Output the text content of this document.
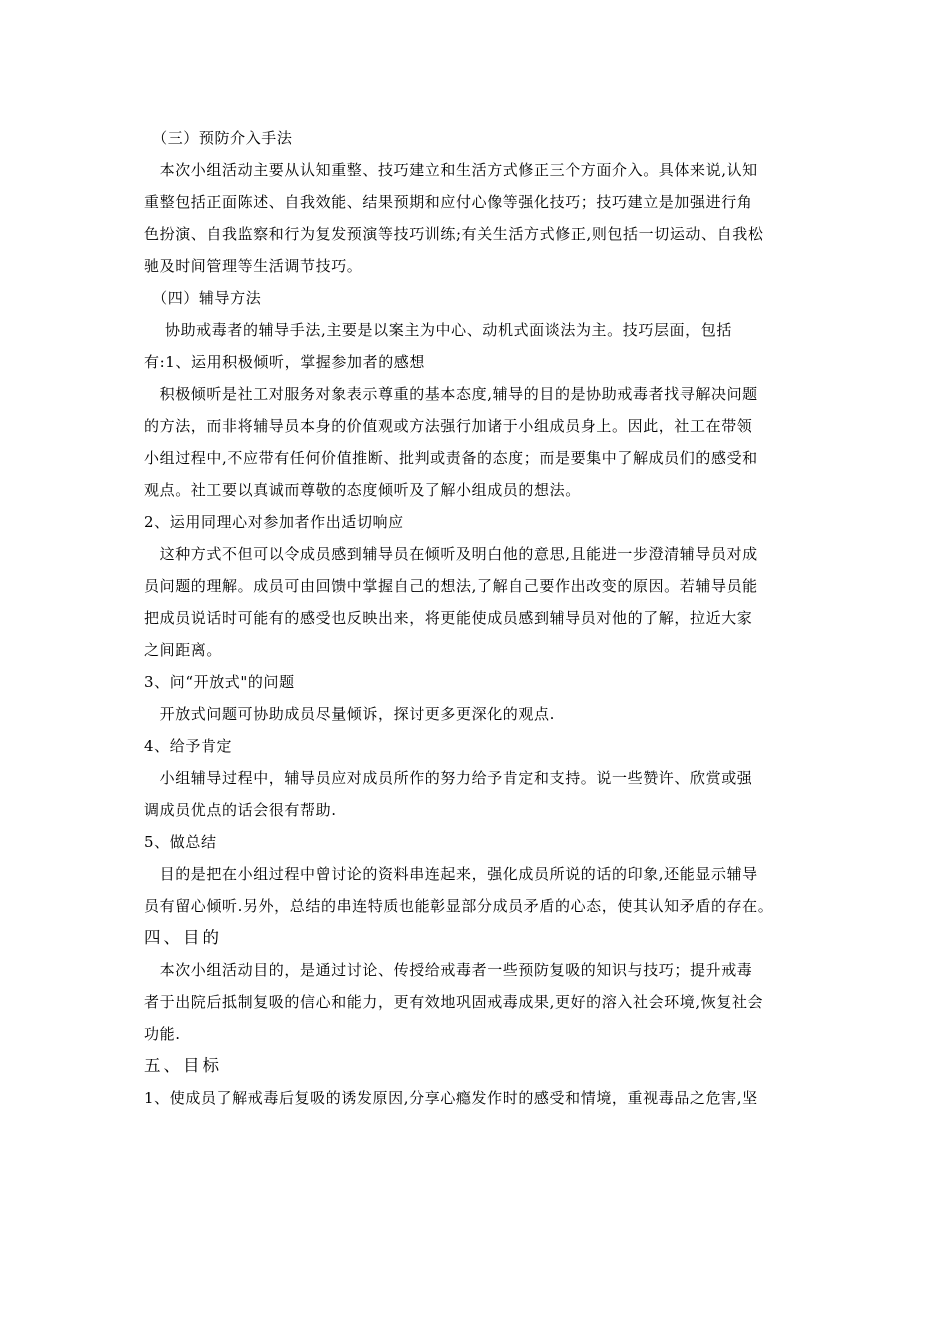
　（三）预防介入手法
　本次小组活动主要从认知重整、技巧建立和生活方式修正三个方面介入。具体来说,认知
重整包括正面陈述、自我效能、结果预期和应付心像等强化技巧；技巧建立是加强进行角
色扮演、自我监察和行为复发预演等技巧训练;有关生活方式修正,则包括一切运动、自我松
驰及时间管理等生活调节技巧。
　（四）辅导方法
　 协助戒毒者的辅导手法,主要是以案主为中心、动机式面谈法为主。技巧层面，包括
有:1、运用积极倾听，掌握参加者的感想
　积极倾听是社工对服务对象表示尊重的基本态度,辅导的目的是协助戒毒者找寻解决问题
的方法，而非将辅导员本身的价值观或方法强行加诸于小组成员身上。因此，社工在带领
小组过程中,不应带有任何价值推断、批判或责备的态度；而是要集中了解成员们的感受和
观点。社工要以真诚而尊敬的态度倾听及了解小组成员的想法。
2、运用同理心对参加者作出适切响应
　这种方式不但可以令成员感到辅导员在倾听及明白他的意思,且能进一步澄清辅导员对成
员问题的理解。成员可由回馈中掌握自己的想法,了解自己要作出改变的原因。若辅导员能
把成员说话时可能有的感受也反映出来，将更能使成员感到辅导员对他的了解，拉近大家
之间距离。
3、问“开放式"的问题
　开放式问题可协助成员尽量倾诉，探讨更多更深化的观点.
4、给予肯定
　小组辅导过程中，辅导员应对成员所作的努力给予肯定和支持。说一些赞许、欣赏或强
调成员优点的话会很有帮助.
5、做总结
　目的是把在小组过程中曾讨论的资料串连起来，强化成员所说的话的印象,还能显示辅导
员有留心倾听.另外，总结的串连特质也能彰显部分成员矛盾的心态，使其认知矛盾的存在。
四、目的
　本次小组活动目的，是通过讨论、传授给戒毒者一些预防复吸的知识与技巧；提升戒毒
者于出院后抵制复吸的信心和能力，更有效地巩固戒毒成果,更好的溶入社会环境,恢复社会
功能.
五、目标
1、使成员了解戒毒后复吸的诱发原因,分享心瘾发作时的感受和情境，重视毒品之危害,坚
